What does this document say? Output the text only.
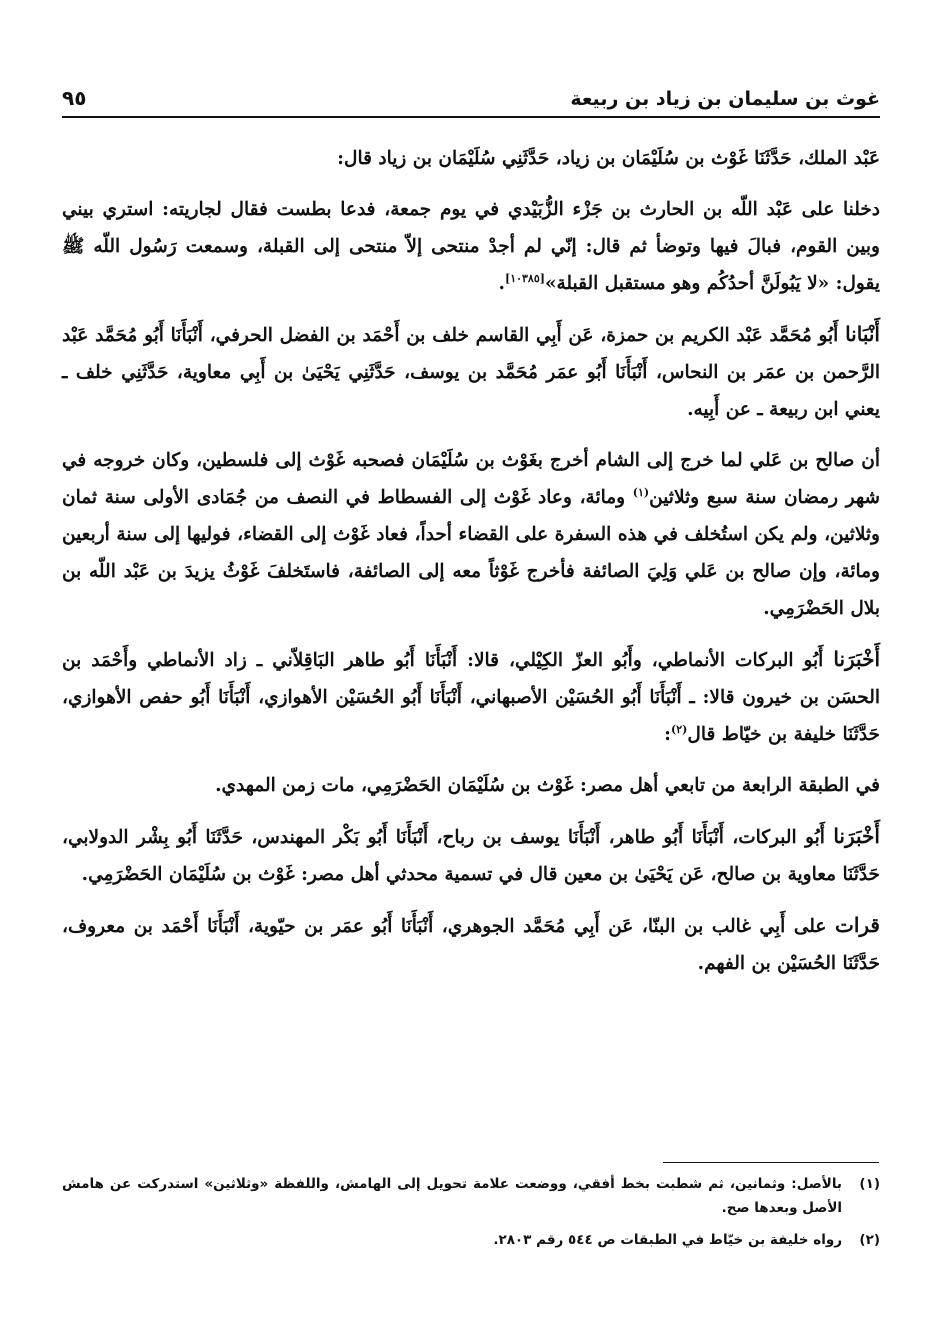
غوث بن سليمان بن زياد بن ربيعة
٩٥

عَبْد الملك، حَدَّثَنَا غَوْث بن سُلَيْمَان بن زياد، حَدَّثَنِي سُلَيْمَان بن زياد قال:

دخلنا على عَبْد اللّه بن الحارث بن جَزْء الزُّبَيْدي في يوم جمعة، فدعا بطست فقال لجاريته: استري بيني وبين القوم، فبالَ فيها وتوضأ ثم قال: إنّي لم أجدْ منتحى إلاّ منتحى إلى القبلة، وسمعت رَسُول اللّه ﷺ يقول: «لا يَبُولَنَّ أحدُكُم وهو مستقبل القبلة»[١٠٣٨٥].

أَنْبَانا أَبُو مُحَمَّد عَبْد الكريم بن حمزة، عَن أَبِي القاسم خلف بن أَحْمَد بن الفضل الحرفي، أَنْبَأَنَا أَبُو مُحَمَّد عَبْد الرَّحمن بن عمَر بن النحاس، أَنْبَأَنَا أَبُو عمَر مُحَمَّد بن يوسف، حَدَّثَنِي يَحْيَىٰ بن أَبِي معاوية، حَدَّثَنِي خلف ـ يعني ابن ربيعة ـ عن أَبِيه.

أن صالح بن عَلي لما خرج إلى الشام أخرج بغَوْث بن سُلَيْمَان فصحبه غَوْث إلى فلسطين، وكان خروجه في شهر رمضان سنة سبع وثلاثين$^{(١)}$ ومائة، وعاد غَوْث إلى الفسطاط في النصف من جُمَادى الأولى سنة ثمان وثلاثين، ولم يكن استُخلف في هذه السفرة على القضاء أحداً، فعاد غَوْث إلى القضاء، فوليها إلى سنة أربعين ومائة، وإن صالح بن عَلي وَلِيَ الصائفة فأخرج غَوْثاً معه إلى الصائفة، فاستَخلفَ غَوْثُ يزيدَ بن عَبْد اللّه بن بلال الحَضْرَمِي.

أَخْبَرَنا أَبُو البركات الأنماطي، وأَبُو العزّ الكِيْلي، قالا: أَنْبَأَنَا أَبُو طاهر البَاقِلاّني ـ زاد الأنماطي وأَحْمَد بن الحسَن بن خيرون قالا: ـ أَنْبَأَنَا أَبُو الحُسَيْن الأصبهاني، أَنْبَأَنَا أَبُو الحُسَيْن الأهوازي، أَنْبَأَنَا أَبُو حفص الأهوازي، حَدَّثَنَا خليفة بن خيّاط قال$^{(٢)}$:

في الطبقة الرابعة من تابعي أهل مصر: غَوْث بن سُلَيْمَان الحَضْرَمِي، مات زمن المهدي.

أَخْبَرَنا أَبُو البركات، أَنْبَأَنَا أَبُو طاهر، أَنْبَأَنَا يوسف بن رباح، أَنْبَأَنَا أَبُو بَكْر المهندس، حَدَّثَنَا أَبُو بِشْر الدولابي، حَدَّثَنَا معاوية بن صالح، عَن يَحْيَىٰ بن معين قال في تسمية محدثي أهل مصر: غَوْث بن سُلَيْمَان الحَضْرَمِي.

قرات على أَبِي غالب بن البنّا، عَن أَبِي مُحَمَّد الجوهري، أَنْبَأَنَا أَبُو عمَر بن حيّوية، أَنْبَأَنَا أَحْمَد بن معروف، حَدَّثَنَا الحُسَيْن بن الفهم.

(١)
بالأصل: وثمانين، ثم شطبت بخط أفقي، ووضعت علامة تحويل إلى الهامش، واللفظة «وثلاثين» استدركت عن هامش الأصل وبعدها صح.
(٢)
رواه خليفة بن خيّاط في الطبقات ص ٥٤٤ رقم ٢٨٠٣.
